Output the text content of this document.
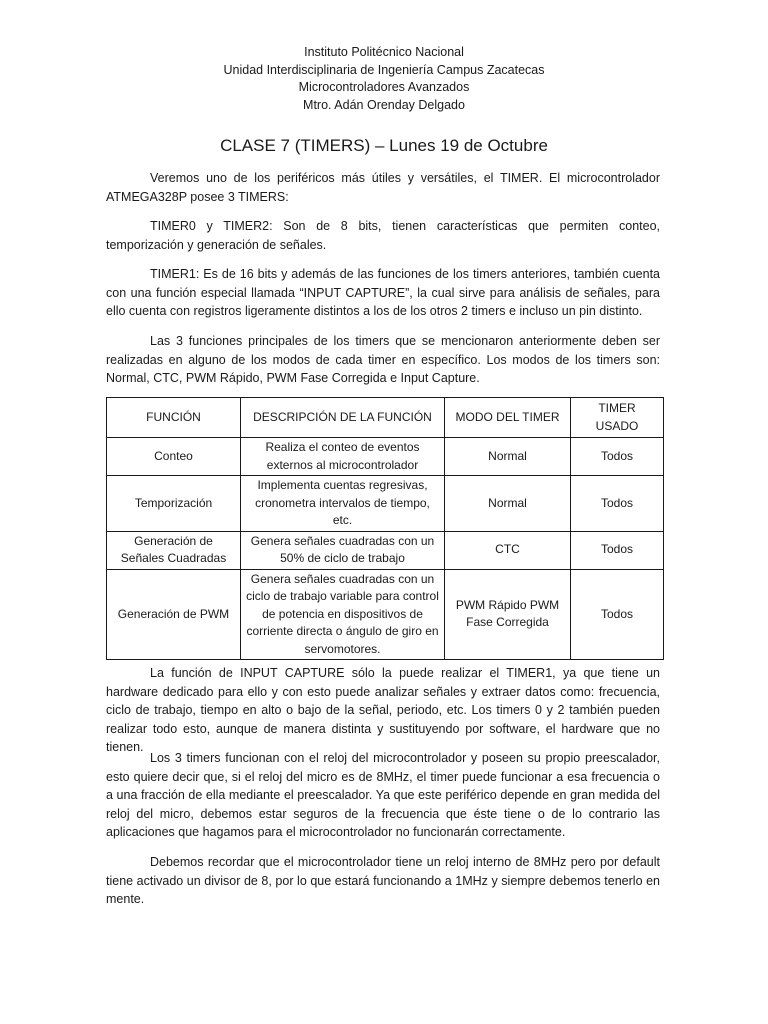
Instituto Politécnico Nacional
Unidad Interdisciplinaria de Ingeniería Campus Zacatecas
Microcontroladores Avanzados
Mtro. Adán Orenday Delgado
CLASE 7 (TIMERS) – Lunes 19 de Octubre

Veremos uno de los periféricos más útiles y versátiles, el TIMER. El microcontrolador ATMEGA328P posee 3 TIMERS:

TIMER0 y TIMER2: Son de 8 bits, tienen características que permiten conteo, temporización y generación de señales.

TIMER1: Es de 16 bits y además de las funciones de los timers anteriores, también cuenta con una función especial llamada “INPUT CAPTURE”, la cual sirve para análisis de señales, para ello cuenta con registros ligeramente distintos a los de los otros 2 timers e incluso un pin distinto.

Las 3 funciones principales de los timers que se mencionaron anteriormente deben ser realizadas en alguno de los modos de cada timer en específico. Los modos de los timers son: Normal, CTC, PWM Rápido, PWM Fase Corregida e Input Capture.

FUNCIÓN	DESCRIPCIÓN DE LA FUNCIÓN	MODO DEL TIMER	TIMER USADO
Conteo	Realiza el conteo de eventos externos al microcontrolador	Normal	Todos
Temporización	Implementa cuentas regresivas, cronometra intervalos de tiempo, etc.	Normal	Todos
Generación de Señales Cuadradas	Genera señales cuadradas con un 50% de ciclo de trabajo	CTC	Todos
Generación de PWM	Genera señales cuadradas con un ciclo de trabajo variable para control de potencia en dispositivos de corriente directa o ángulo de giro en servomotores.	PWM Rápido PWM Fase Corregida	Todos

La función de INPUT CAPTURE sólo la puede realizar el TIMER1, ya que tiene un hardware dedicado para ello y con esto puede analizar señales y extraer datos como: frecuencia, ciclo de trabajo, tiempo en alto o bajo de la señal, periodo, etc. Los timers 0 y 2 también pueden realizar todo esto, aunque de manera distinta y sustituyendo por software, el hardware que no tienen.

Los 3 timers funcionan con el reloj del microcontrolador y poseen su propio preescalador, esto quiere decir que, si el reloj del micro es de 8MHz, el timer puede funcionar a esa frecuencia o a una fracción de ella mediante el preescalador. Ya que este periférico depende en gran medida del reloj del micro, debemos estar seguros de la frecuencia que éste tiene o de lo contrario las aplicaciones que hagamos para el microcontrolador no funcionarán correctamente.

Debemos recordar que el microcontrolador tiene un reloj interno de 8MHz pero por default tiene activado un divisor de 8, por lo que estará funcionando a 1MHz y siempre debemos tenerlo en mente.
